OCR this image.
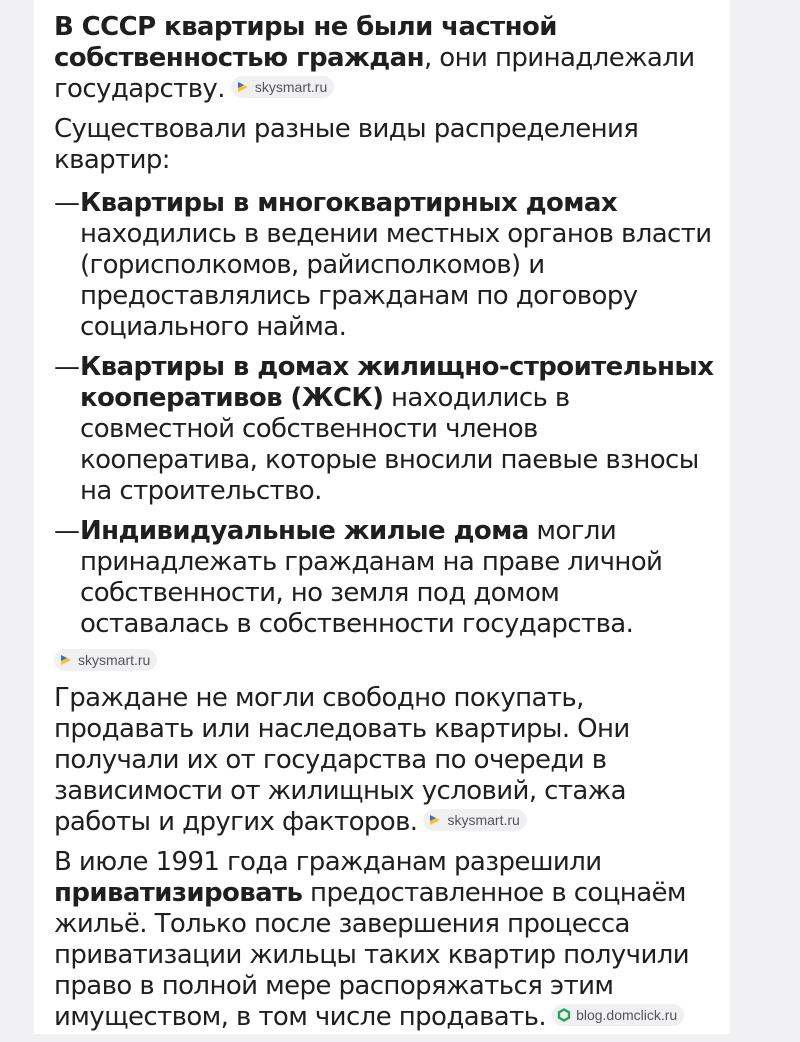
В СССР квартиры не были частной собственностью граждан, они принадлежали государству. skysmart.ru

Существовали разные виды распределения квартир:

— Квартиры в многоквартирных домах находились в ведении местных органов власти (горисполкомов, райисполкомов) и предоставлялись гражданам по договору социального найма.
— Квартиры в домах жилищно-строительных кооперативов (ЖСК) находились в совместной собственности членов кооператива, которые вносили паевые взносы на строительство.
— Индивидуальные жилые дома могли принадлежать гражданам на праве личной собственности, но земля под домом оставалась в собственности государства.
skysmart.ru

Граждане не могли свободно покупать, продавать или наследовать квартиры. Они получали их от государства по очереди в зависимости от жилищных условий, стажа работы и других факторов. skysmart.ru

В июле 1991 года гражданам разрешили приватизировать предоставленное в соцнаём жильё. Только после завершения процесса приватизации жильцы таких квартир получили право в полной мере распоряжаться этим имуществом, в том числе продавать. blog.domclick.ru
